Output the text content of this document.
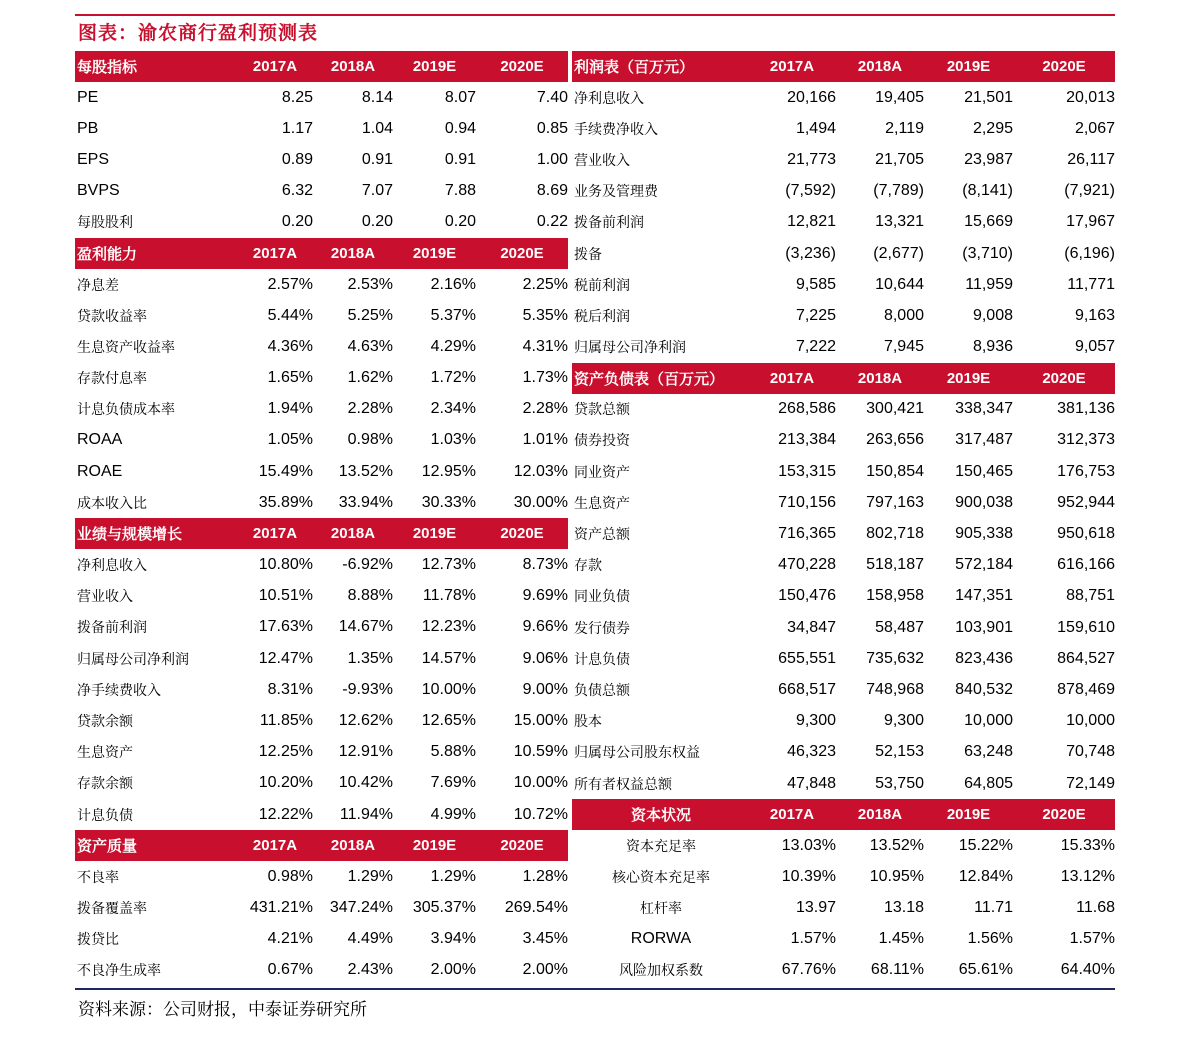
图表：渝农商行盈利预测表
每股指标	2017A	2018A	2019E	2020E
PE	8.25	8.14	8.07	7.40
PB	1.17	1.04	0.94	0.85
EPS	0.89	0.91	0.91	1.00
BVPS	6.32	7.07	7.88	8.69
每股股利	0.20	0.20	0.20	0.22
盈利能力	2017A	2018A	2019E	2020E
净息差	2.57%	2.53%	2.16%	2.25%
贷款收益率	5.44%	5.25%	5.37%	5.35%
生息资产收益率	4.36%	4.63%	4.29%	4.31%
存款付息率	1.65%	1.62%	1.72%	1.73%
计息负债成本率	1.94%	2.28%	2.34%	2.28%
ROAA	1.05%	0.98%	1.03%	1.01%
ROAE	15.49%	13.52%	12.95%	12.03%
成本收入比	35.89%	33.94%	30.33%	30.00%
业绩与规模增长	2017A	2018A	2019E	2020E
净利息收入	10.80%	-6.92%	12.73%	8.73%
营业收入	10.51%	8.88%	11.78%	9.69%
拨备前利润	17.63%	14.67%	12.23%	9.66%
归属母公司净利润	12.47%	1.35%	14.57%	9.06%
净手续费收入	8.31%	-9.93%	10.00%	9.00%
贷款余额	11.85%	12.62%	12.65%	15.00%
生息资产	12.25%	12.91%	5.88%	10.59%
存款余额	10.20%	10.42%	7.69%	10.00%
计息负债	12.22%	11.94%	4.99%	10.72%
资产质量	2017A	2018A	2019E	2020E
不良率	0.98%	1.29%	1.29%	1.28%
拨备覆盖率	431.21%	347.24%	305.37%	269.54%
拨贷比	4.21%	4.49%	3.94%	3.45%
不良净生成率	0.67%	2.43%	2.00%	2.00%
利润表（百万元）	2017A	2018A	2019E	2020E
净利息收入	20,166	19,405	21,501	20,013
手续费净收入	1,494	2,119	2,295	2,067
营业收入	21,773	21,705	23,987	26,117
业务及管理费	(7,592)	(7,789)	(8,141)	(7,921)
拨备前利润	12,821	13,321	15,669	17,967
拨备	(3,236)	(2,677)	(3,710)	(6,196)
税前利润	9,585	10,644	11,959	11,771
税后利润	7,225	8,000	9,008	9,163
归属母公司净利润	7,222	7,945	8,936	9,057
资产负债表（百万元）	2017A	2018A	2019E	2020E
贷款总额	268,586	300,421	338,347	381,136
债券投资	213,384	263,656	317,487	312,373
同业资产	153,315	150,854	150,465	176,753
生息资产	710,156	797,163	900,038	952,944
资产总额	716,365	802,718	905,338	950,618
存款	470,228	518,187	572,184	616,166
同业负债	150,476	158,958	147,351	88,751
发行债券	34,847	58,487	103,901	159,610
计息负债	655,551	735,632	823,436	864,527
负债总额	668,517	748,968	840,532	878,469
股本	9,300	9,300	10,000	10,000
归属母公司股东权益	46,323	52,153	63,248	70,748
所有者权益总额	47,848	53,750	64,805	72,149
资本状况	2017A	2018A	2019E	2020E
资本充足率	13.03%	13.52%	15.22%	15.33%
核心资本充足率	10.39%	10.95%	12.84%	13.12%
杠杆率	13.97	13.18	11.71	11.68
RORWA	1.57%	1.45%	1.56%	1.57%
风险加权系数	67.76%	68.11%	65.61%	64.40%
资料来源：公司财报，中泰证券研究所
